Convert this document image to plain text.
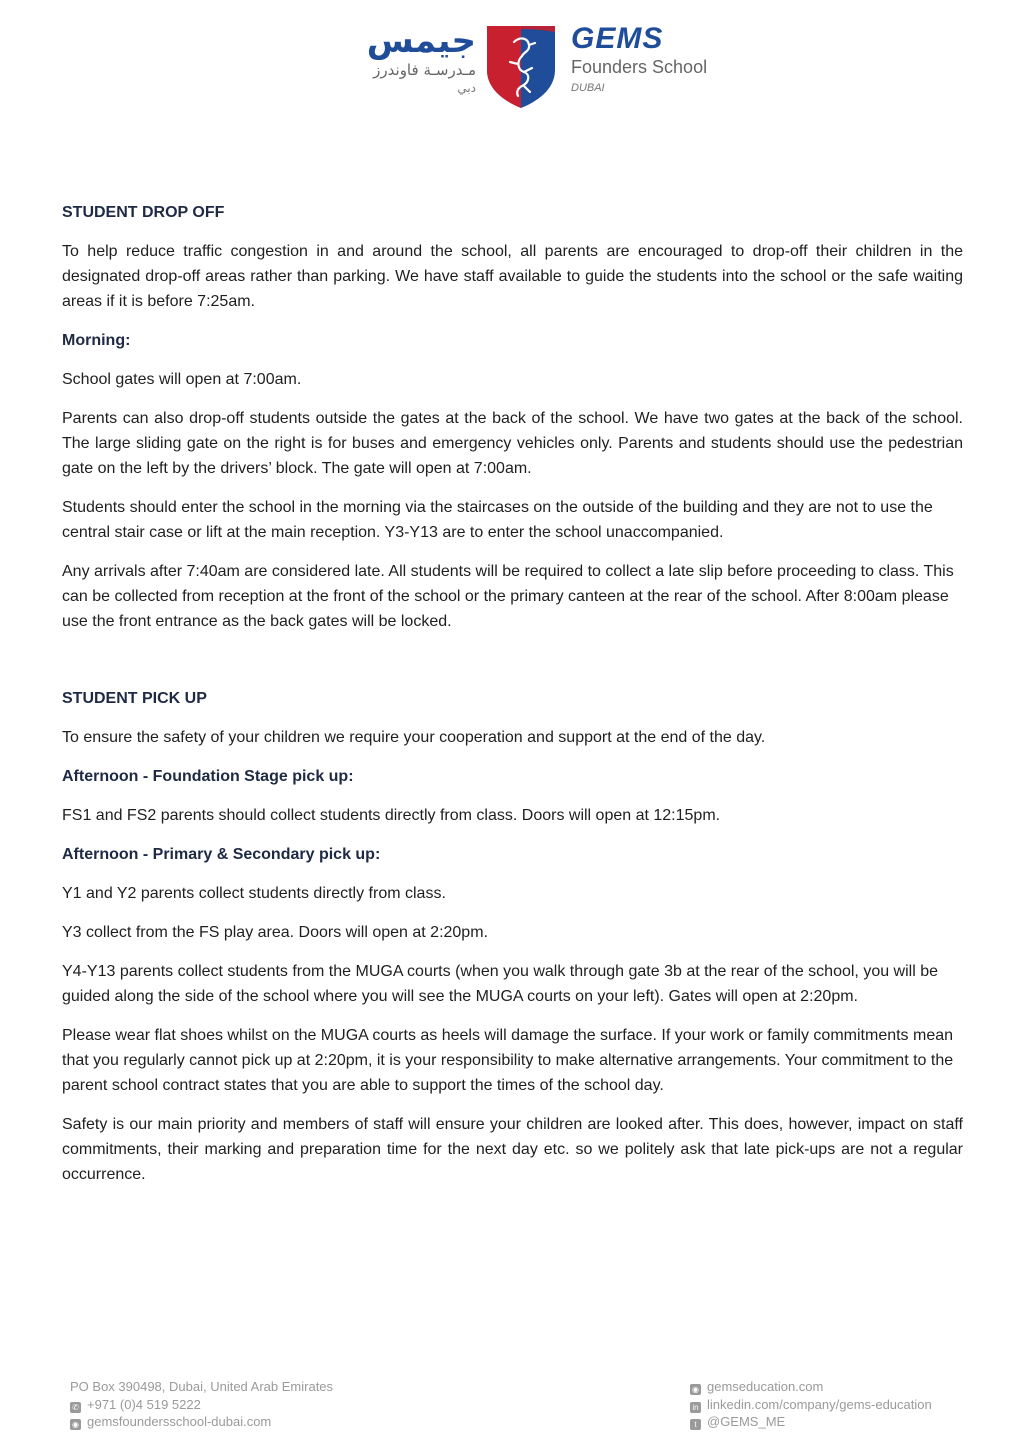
جيمس
مـدرسـة فاوندرز
دبي
GEMS
Founders School
DUBAI

STUDENT DROP OFF

To help reduce traffic congestion in and around the school, all parents are encouraged to drop-off their children in the designated drop-off areas rather than parking. We have staff available to guide the students into the school or the safe waiting areas if it is before 7:25am.

Morning:

School gates will open at 7:00am.

Parents can also drop-off students outside the gates at the back of the school. We have two gates at the back of the school. The large sliding gate on the right is for buses and emergency vehicles only. Parents and students should use the pedestrian gate on the left by the drivers’ block. The gate will open at 7:00am.

Students should enter the school in the morning via the staircases on the outside of the building and they are not to use the central stair case or lift at the main reception. Y3-Y13 are to enter the school unaccompanied.

Any arrivals after 7:40am are considered late. All students will be required to collect a late slip before proceeding to class. This can be collected from reception at the front of the school or the primary canteen at the rear of the school. After 8:00am please use the front entrance as the back gates will be locked.

STUDENT PICK UP

To ensure the safety of your children we require your cooperation and support at the end of the day.

Afternoon - Foundation Stage pick up:

FS1 and FS2 parents should collect students directly from class. Doors will open at 12:15pm.

Afternoon - Primary & Secondary pick up:

Y1 and Y2 parents collect students directly from class.

Y3 collect from the FS play area. Doors will open at 2:20pm.

Y4-Y13 parents collect students from the MUGA courts (when you walk through gate 3b at the rear of the school, you will be guided along the side of the school where you will see the MUGA courts on your left). Gates will open at 2:20pm.

Please wear flat shoes whilst on the MUGA courts as heels will damage the surface. If your work or family commitments mean that you regularly cannot pick up at 2:20pm, it is your responsibility to make alternative arrangements. Your commitment to the parent school contract states that you are able to support the times of the school day.

Safety is our main priority and members of staff will ensure your children are looked after. This does, however, impact on staff commitments, their marking and preparation time for the next day etc. so we politely ask that late pick-ups are not a regular occurrence.

PO Box 390498, Dubai, United Arab Emirates
✆ +971 (0)4 519 5222
◉ gemsfoundersschool-dubai.com
◉ gemseducation.com
in linkedin.com/company/gems-education
t @GEMS_ME
